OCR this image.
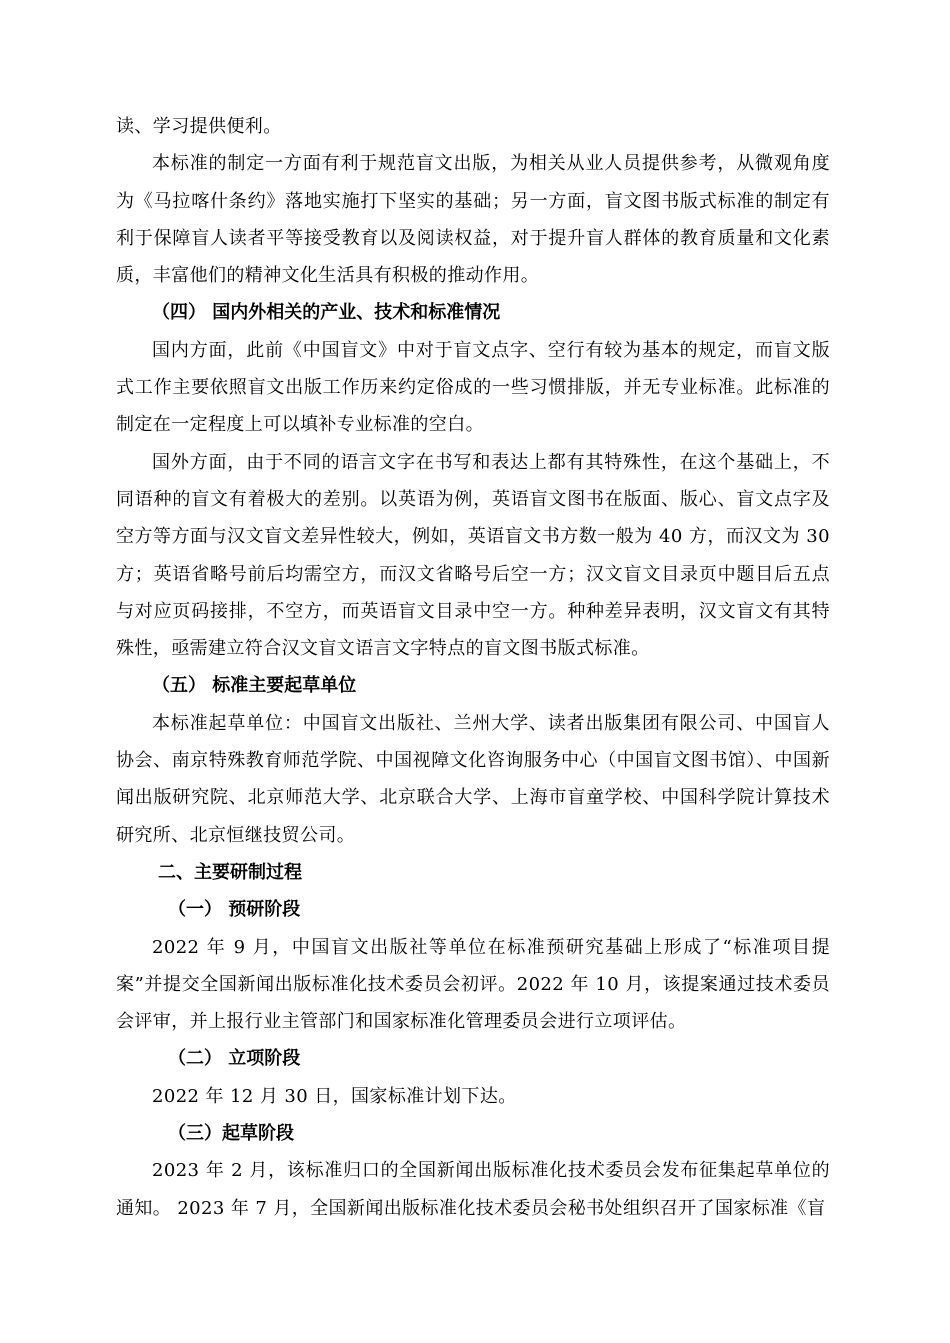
读、学习提供便利。

本标准的制定一方面有利于规范盲文出版，为相关从业人员提供参考，从微观角度为《马拉喀什条约》落地实施打下坚实的基础；另一方面，盲文图书版式标准的制定有利于保障盲人读者平等接受教育以及阅读权益，对于提升盲人群体的教育质量和文化素质，丰富他们的精神文化生活具有积极的推动作用。

（四） 国内外相关的产业、技术和标准情况

国内方面，此前《中国盲文》中对于盲文点字、空行有较为基本的规定，而盲文版式工作主要依照盲文出版工作历来约定俗成的一些习惯排版，并无专业标准。此标准的制定在一定程度上可以填补专业标准的空白。

国外方面，由于不同的语言文字在书写和表达上都有其特殊性，在这个基础上，不同语种的盲文有着极大的差别。以英语为例，英语盲文图书在版面、版心、盲文点字及空方等方面与汉文盲文差异性较大，例如，英语盲文书方数一般为 40 方，而汉文为 30 方；英语省略号前后均需空方，而汉文省略号后空一方；汉文盲文目录页中题目后五点与对应页码接排，不空方，而英语盲文目录中空一方。种种差异表明，汉文盲文有其特殊性，亟需建立符合汉文盲文语言文字特点的盲文图书版式标准。

（五） 标准主要起草单位

本标准起草单位：中国盲文出版社、兰州大学、读者出版集团有限公司、中国盲人协会、南京特殊教育师范学院、中国视障文化咨询服务中心（中国盲文图书馆）、中国新闻出版研究院、北京师范大学、北京联合大学、上海市盲童学校、中国科学院计算技术研究所、北京恒继技贸公司。

二、主要研制过程

（一） 预研阶段

2022 年 9 月，中国盲文出版社等单位在标准预研究基础上形成了“标准项目提案”并提交全国新闻出版标准化技术委员会初评。2022 年 10 月，该提案通过技术委员会评审，并上报行业主管部门和国家标准化管理委员会进行立项评估。

（二） 立项阶段

2022 年 12 月 30 日，国家标准计划下达。

（三）起草阶段

2023 年 2 月，该标准归口的全国新闻出版标准化技术委员会发布征集起草单位的通知。 2023 年 7 月，全国新闻出版标准化技术委员会秘书处组织召开了国家标准《盲
